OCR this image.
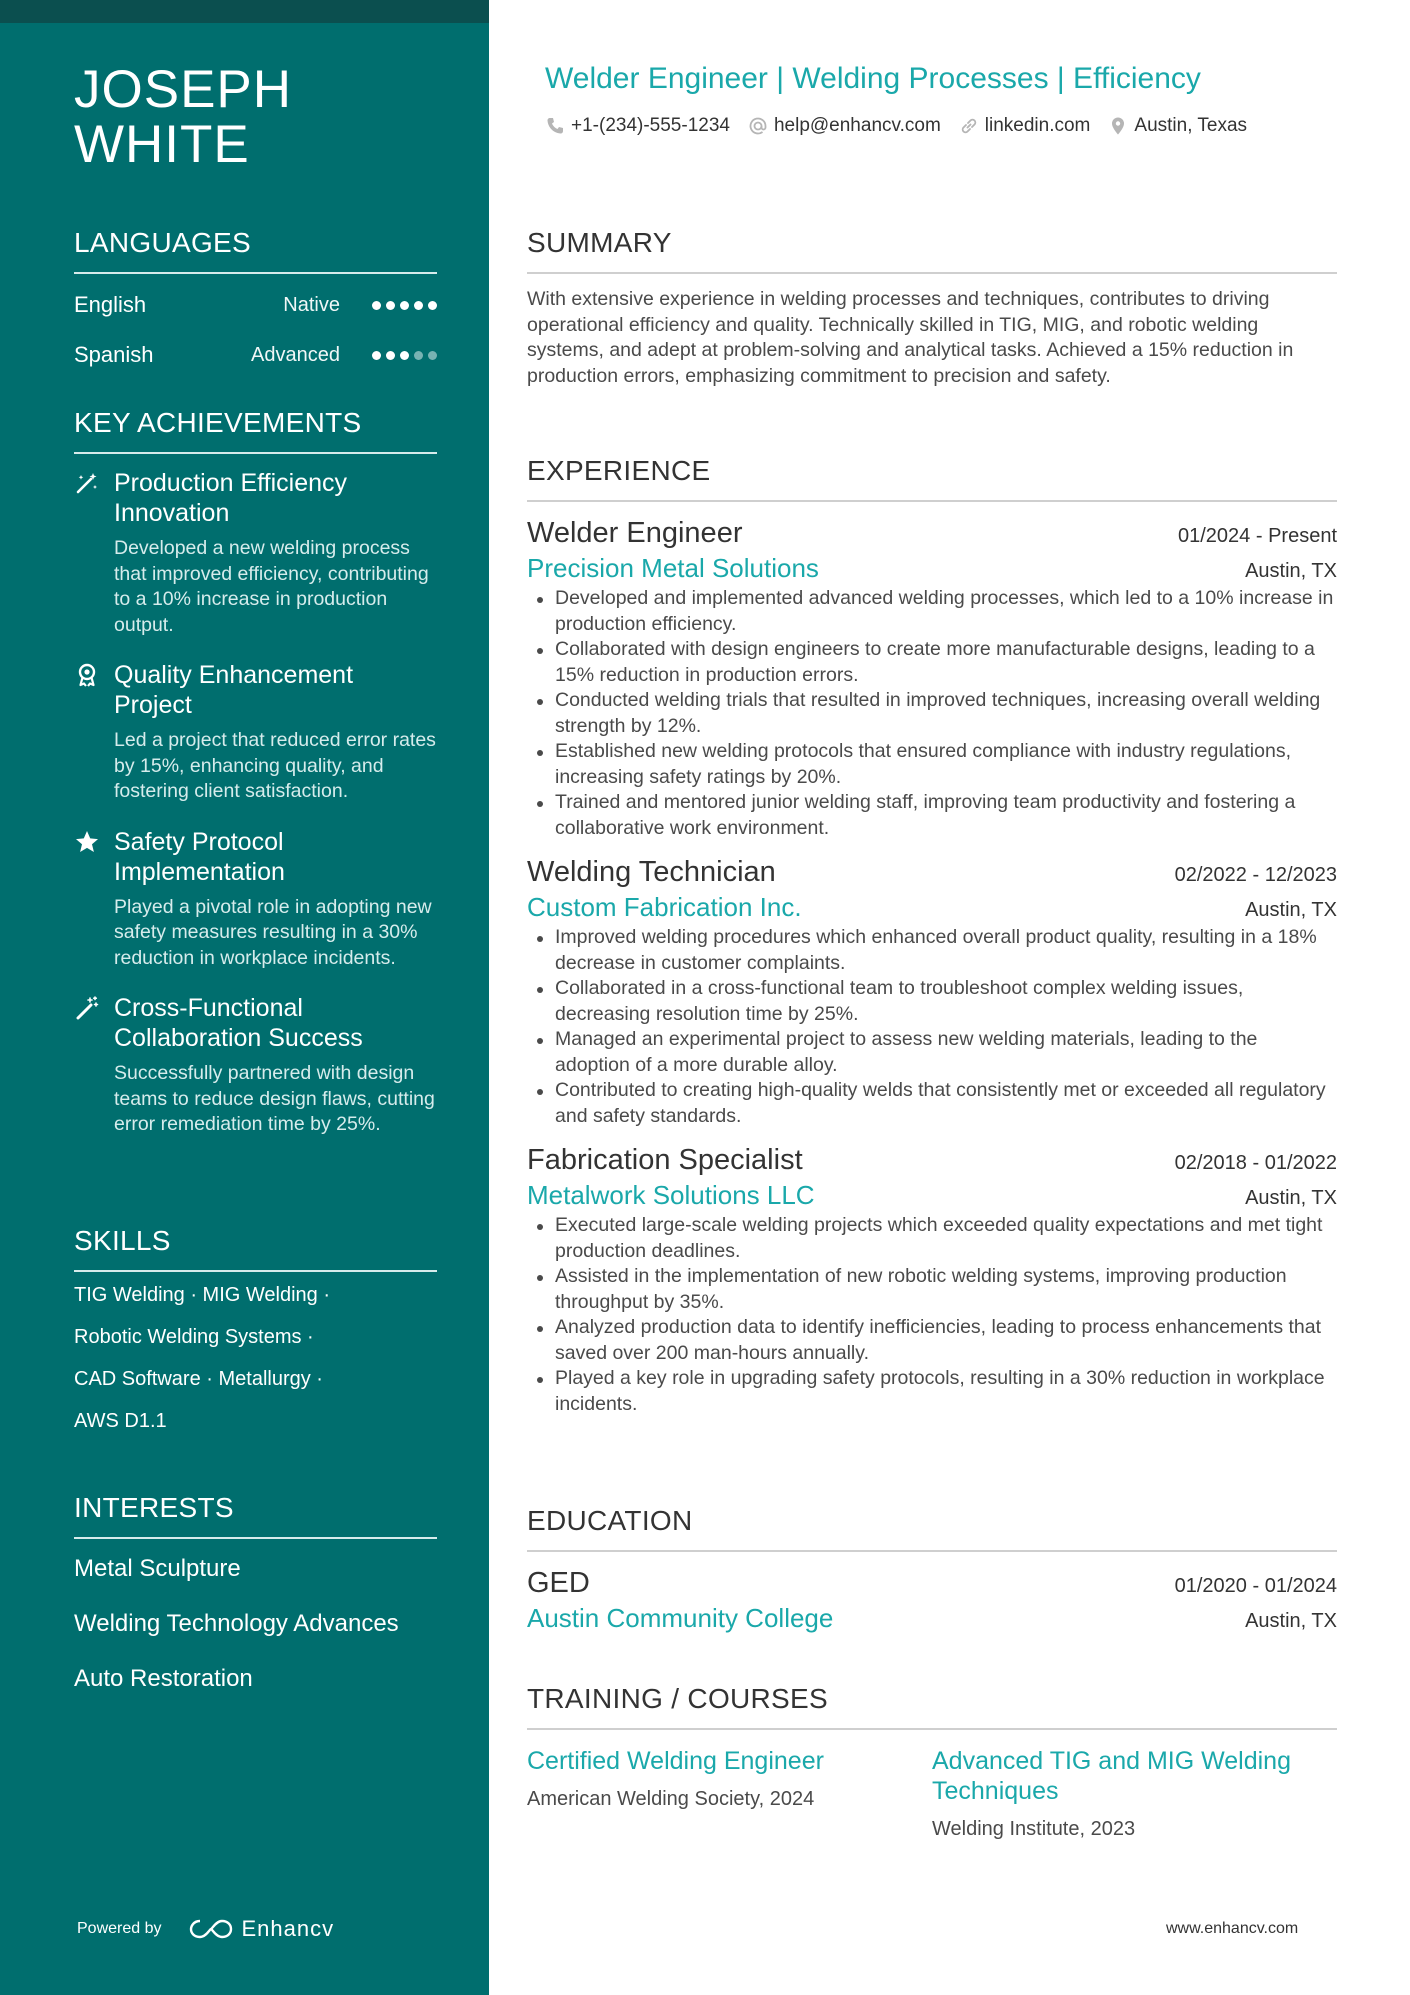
JOSEPH
WHITE
LANGUAGES
English	Native
Spanish	Advanced
KEY ACHIEVEMENTS
Production Efficiency Innovation
Developed a new welding process that improved efficiency, contributing to a 10% increase in production output.
Quality Enhancement Project
Led a project that reduced error rates by 15%, enhancing quality, and fostering client satisfaction.
Safety Protocol Implementation
Played a pivotal role in adopting new safety measures resulting in a 30% reduction in workplace incidents.
Cross-Functional Collaboration Success
Successfully partnered with design teams to reduce design flaws, cutting error remediation time by 25%.
SKILLS
TIG Welding · MIG Welding ·
Robotic Welding Systems ·
CAD Software · Metallurgy ·
AWS D1.1
INTERESTS
Metal Sculpture
Welding Technology Advances
Auto Restoration
Powered by	Enhancv
Welder Engineer | Welding Processes | Efficiency
+1-(234)-555-1234 help@enhancv.com linkedin.com Austin, Texas
SUMMARY
With extensive experience in welding processes and techniques, contributes to driving operational efficiency and quality. Technically skilled in TIG, MIG, and robotic welding systems, and adept at problem-solving and analytical tasks. Achieved a 15% reduction in production errors, emphasizing commitment to precision and safety.
EXPERIENCE
Welder Engineer	01/2024 - Present
Precision Metal Solutions	Austin, TX
Developed and implemented advanced welding processes, which led to a 10% increase in production efficiency.
Collaborated with design engineers to create more manufacturable designs, leading to a 15% reduction in production errors.
Conducted welding trials that resulted in improved techniques, increasing overall welding strength by 12%.
Established new welding protocols that ensured compliance with industry regulations, increasing safety ratings by 20%.
Trained and mentored junior welding staff, improving team productivity and fostering a collaborative work environment.
Welding Technician	02/2022 - 12/2023
Custom Fabrication Inc.	Austin, TX
Improved welding procedures which enhanced overall product quality, resulting in a 18% decrease in customer complaints.
Collaborated in a cross-functional team to troubleshoot complex welding issues, decreasing resolution time by 25%.
Managed an experimental project to assess new welding materials, leading to the adoption of a more durable alloy.
Contributed to creating high-quality welds that consistently met or exceeded all regulatory and safety standards.
Fabrication Specialist	02/2018 - 01/2022
Metalwork Solutions LLC	Austin, TX
Executed large-scale welding projects which exceeded quality expectations and met tight production deadlines.
Assisted in the implementation of new robotic welding systems, improving production throughput by 35%.
Analyzed production data to identify inefficiencies, leading to process enhancements that saved over 200 man-hours annually.
Played a key role in upgrading safety protocols, resulting in a 30% reduction in workplace incidents.
EDUCATION
GED	01/2020 - 01/2024
Austin Community College	Austin, TX
TRAINING / COURSES
Certified Welding Engineer
American Welding Society, 2024
Advanced TIG and MIG Welding Techniques
Welding Institute, 2023
www.enhancv.com
